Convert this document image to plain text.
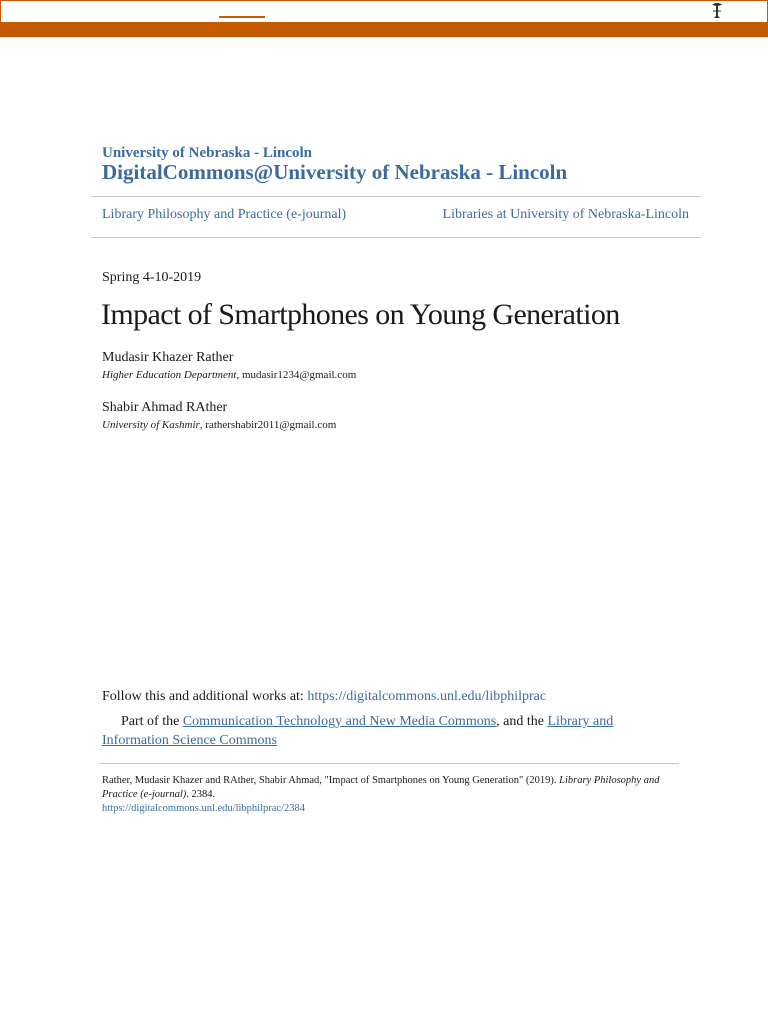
University of Nebraska - Lincoln
DigitalCommons@University of Nebraska - Lincoln
Library Philosophy and Practice (e-journal)	Libraries at University of Nebraska-Lincoln
Spring 4-10-2019
Impact of Smartphones on Young Generation
Mudasir Khazer Rather
Higher Education Department, mudasir1234@gmail.com
Shabir Ahmad RAther
University of Kashmir, rathershabir2011@gmail.com
Follow this and additional works at: https://digitalcommons.unl.edu/libphilprac
Part of the Communication Technology and New Media Commons, and the Library and Information Science Commons
Rather, Mudasir Khazer and RAther, Shabir Ahmad, "Impact of Smartphones on Young Generation" (2019). Library Philosophy and Practice (e-journal). 2384.
https://digitalcommons.unl.edu/libphilprac/2384
